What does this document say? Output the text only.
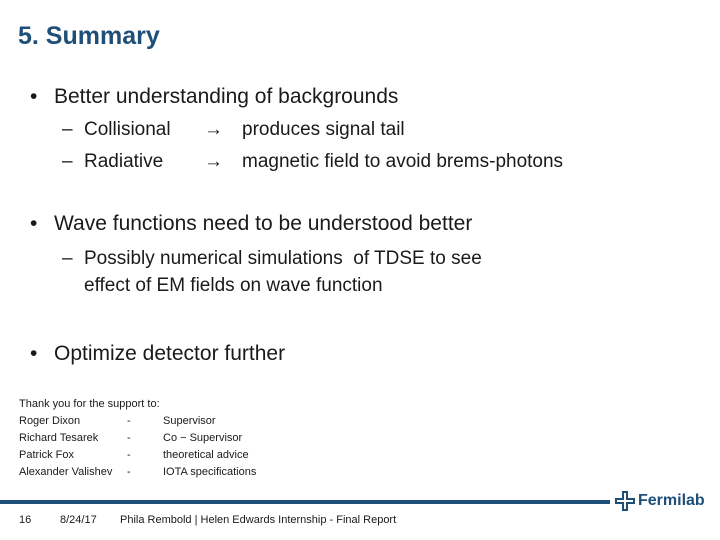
5. Summary
• Better understanding of backgrounds
– Collisional → produces signal tail
– Radiative → magnetic field to avoid brems-photons
• Wave functions need to be understood better
– Possibly numerical simulations  of TDSE to see
effect of EM fields on wave function
• Optimize detector further
Thank you for the support to:
Roger Dixon	-	Supervisor
Richard Tesarek	-	Co − Supervisor
Patrick Fox	-	theoretical advice
Alexander Valishev -	IOTA specifications
Fermilab
16	8/24/17 Phila Rembold | Helen Edwards Internship - Final Report
